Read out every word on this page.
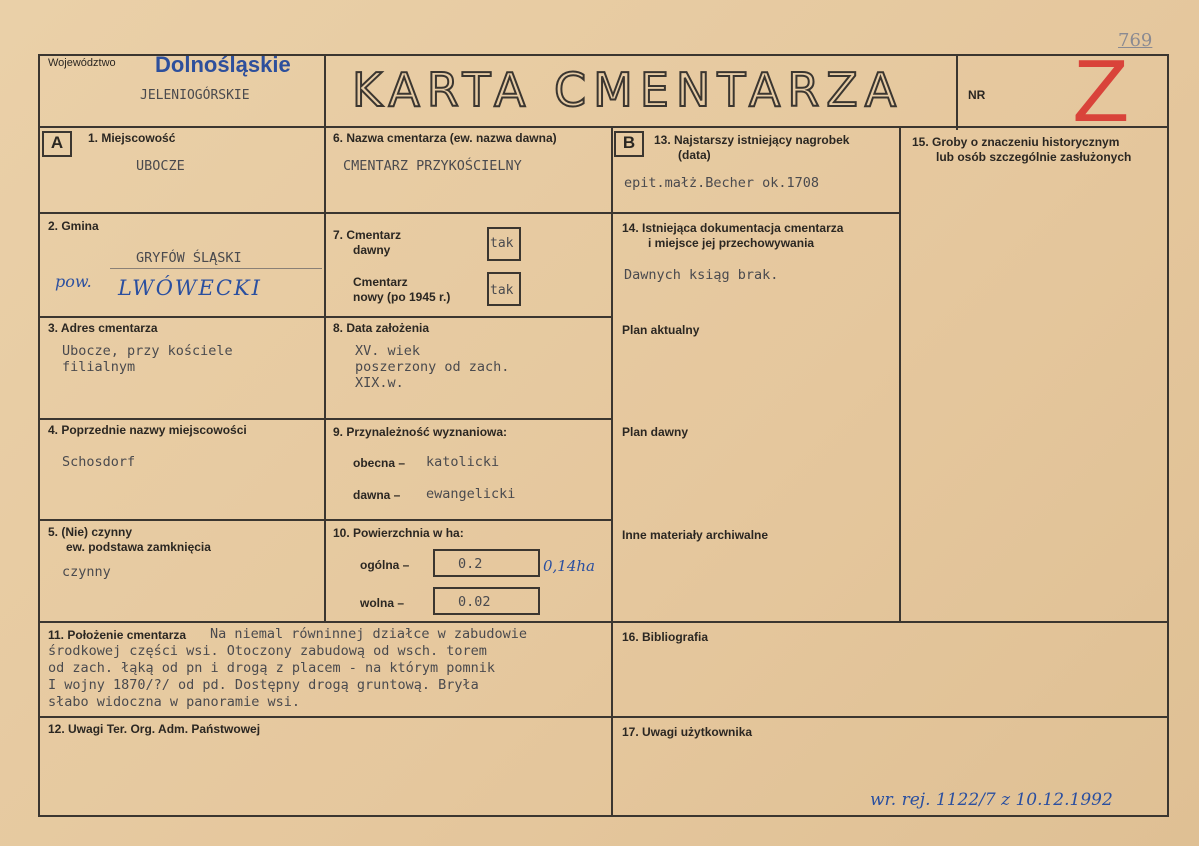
Województwo Dolnośląskie
JELENIOGÓRSKIE KARTA CMENTARZA	NR Z
769
A	1. Miejscowość
UBOCZE
2. Gmina
GRYFÓW ŚLĄSKI
pow. LWÓWECKI
3. Adres cmentarza
Ubocze, przy kościele
filialnym
4. Poprzednie nazwy miejscowości
Schosdorf
5. (Nie) czynny
ew. podstawa zamknięcia
czynny
6. Nazwa cmentarza (ew. nazwa dawna)
CMENTARZ PRZYKOŚCIELNY
7. Cmentarz
dawny	tak
Cmentarz
nowy (po 1945 r.)	tak
8. Data założenia
XV. wiek
poszerzony od zach.
XIX.w.
9. Przynależność wyznaniowa:
obecna – katolicki
dawna – ewangelicki
10. Powierzchnia w ha:
ogólna –	0.2	0,14ha
wolna –	0.02
B	13. Najstarszy istniejący nagrobek
(data)
epit.małż.Becher ok.1708
14. Istniejąca dokumentacja cmentarza
i miejsce jej przechowywania
Dawnych ksiąg brak.
Plan aktualny
Plan dawny
Inne materiały archiwalne
15. Groby o znaczeniu historycznym
lub osób szczególnie zasłużonych
11. Położenie cmentarza Na niemal równinnej działce w zabudowie
środkowej części wsi. Otoczony zabudową od wsch. torem
od zach. łąką od pn i drogą z placem - na którym pomnik
I wojny 1870/?/ od pd. Dostępny drogą gruntową. Bryła
słabo widoczna w panoramie wsi.
16. Bibliografia
12. Uwagi Ter. Org. Adm. Państwowej	17. Uwagi użytkownika
wr. rej. 1122/7 z 10.12.1992
